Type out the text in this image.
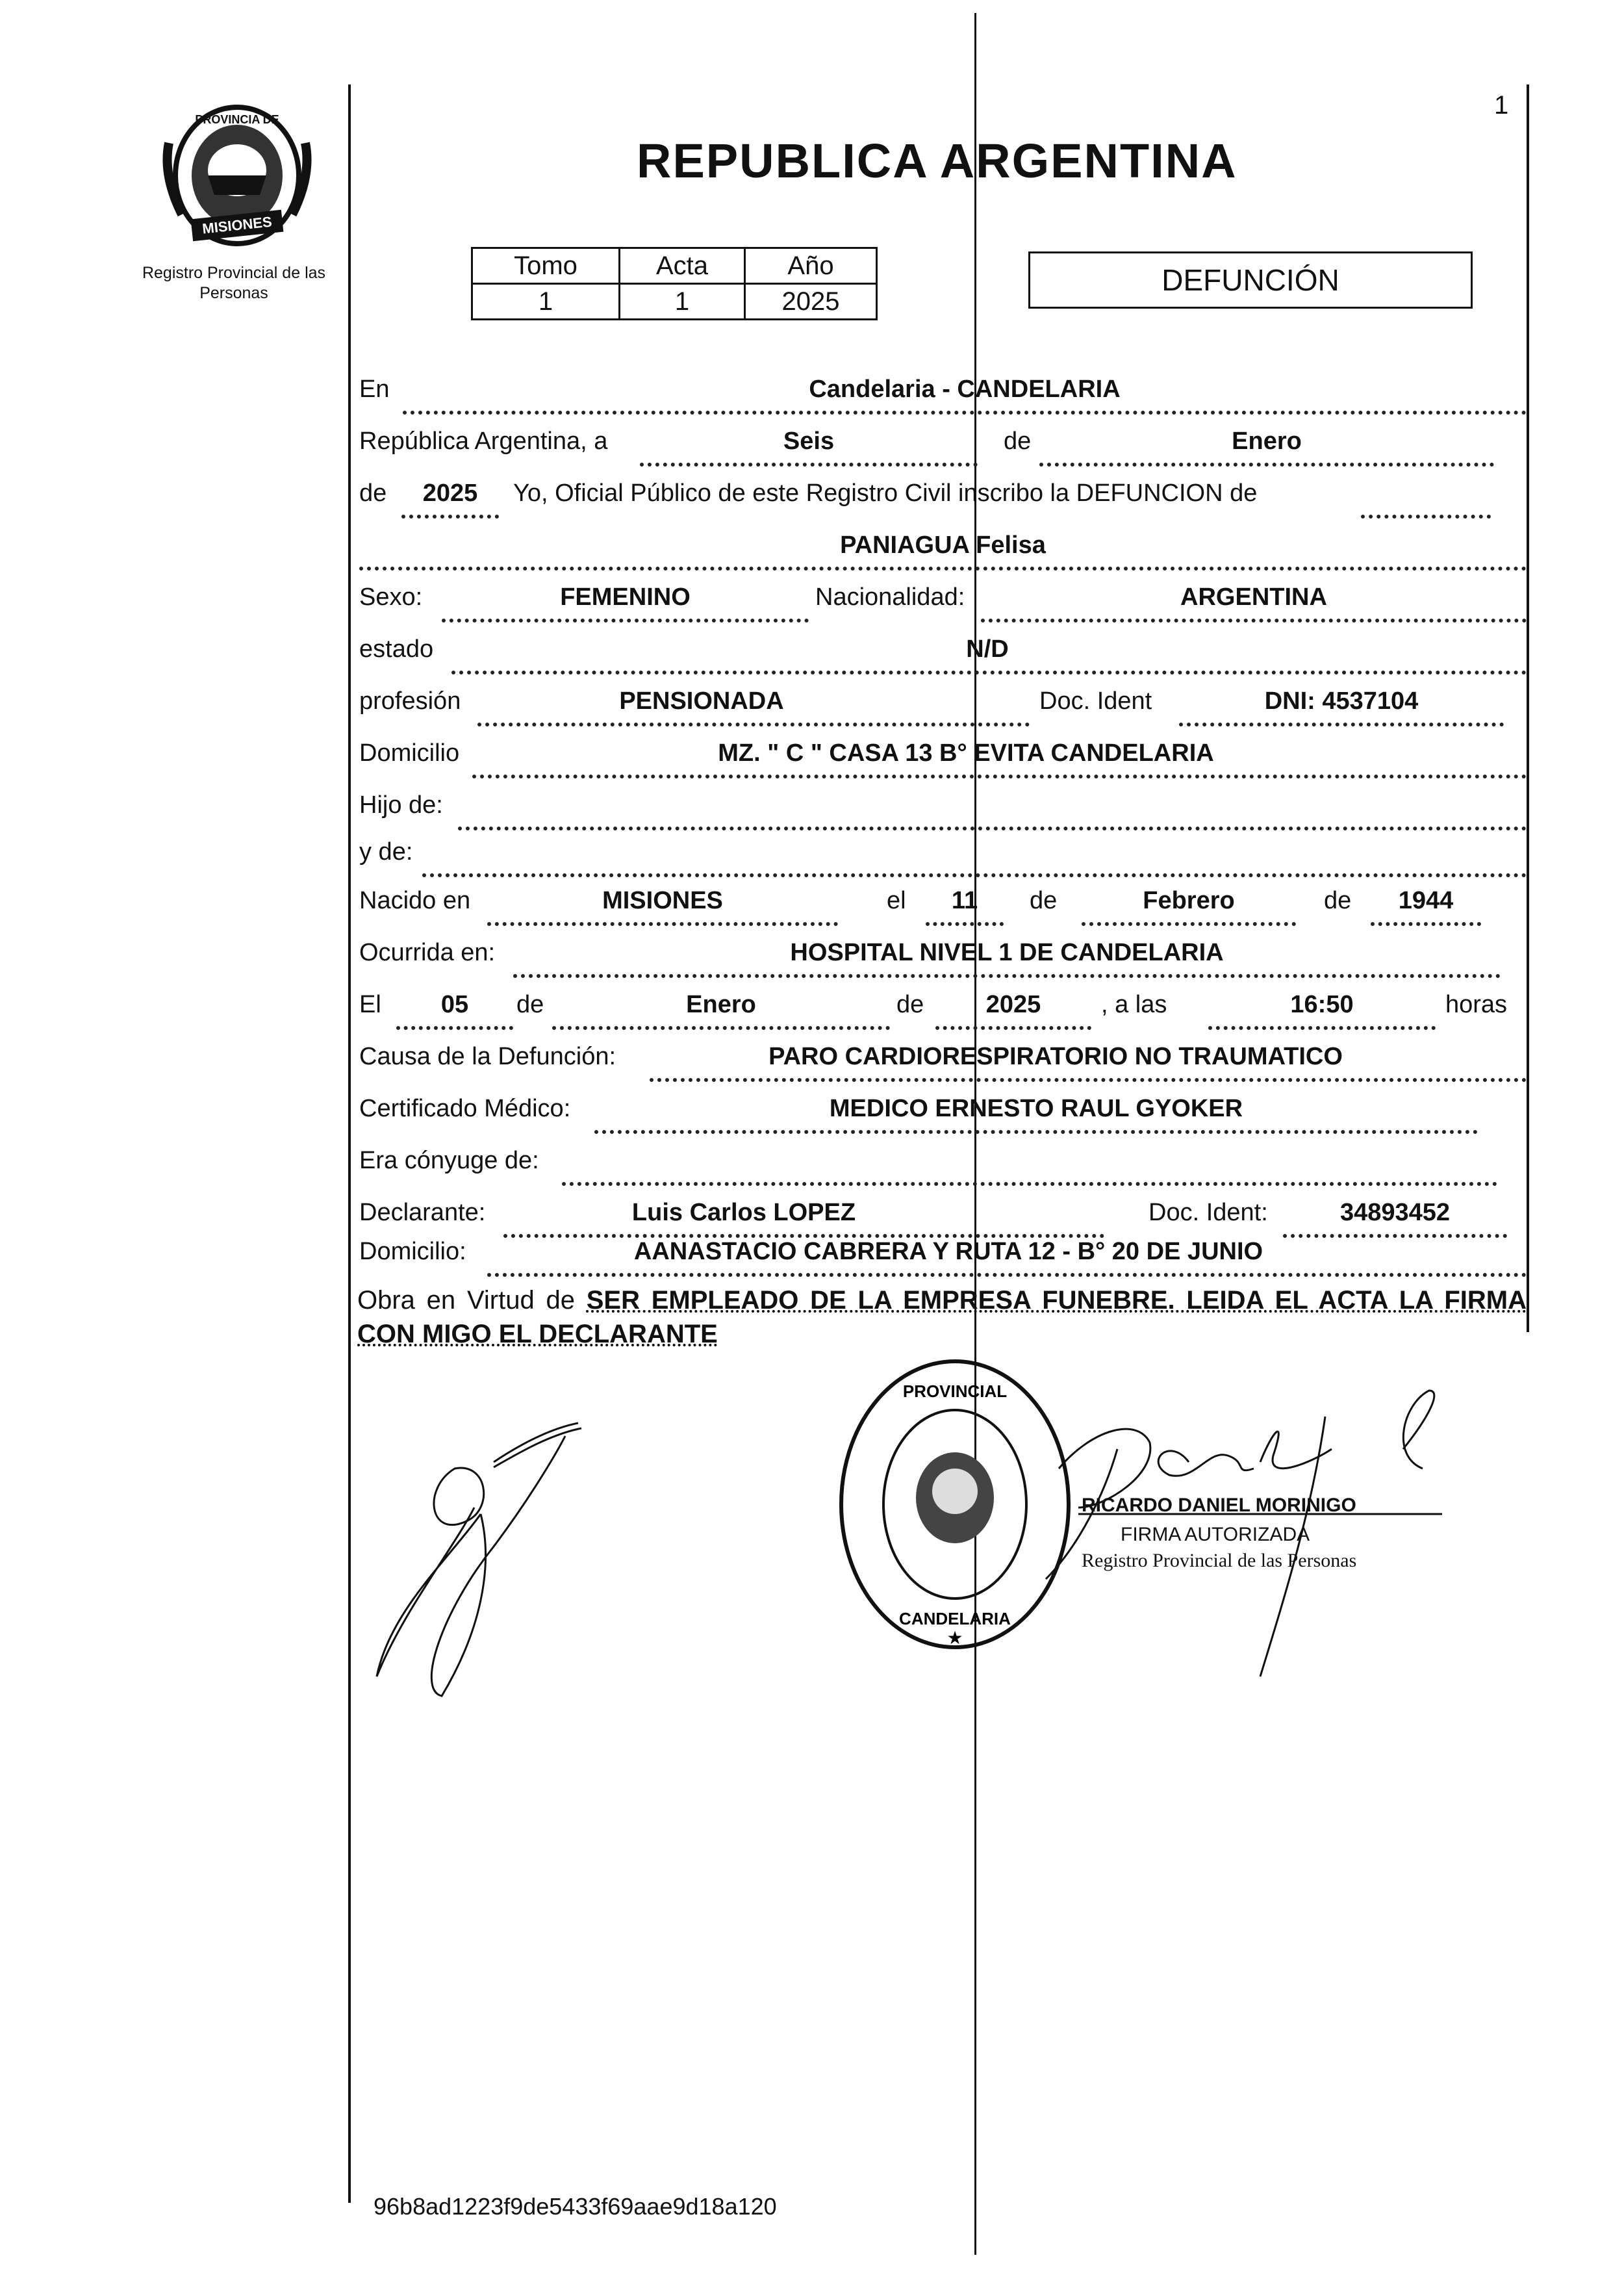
1
MISIONES
PROVINCIA DE
Registro Provincial de las Personas
REPUBLICA ARGENTINA
Tomo	Acta	Año
1	1	2025
DEFUNCIÓN
En	Candelaria - CANDELARIA
República Argentina, a	Seis	de	Enero
de	2025	Yo, Oficial Público de este Registro Civil inscribo la DEFUNCION de
PANIAGUA Felisa
Sexo:	FEMENINO	Nacionalidad:	ARGENTINA
estado	N/D
profesión	PENSIONADA	Doc. Ident	DNI: 4537104
Domicilio	MZ. " C " CASA 13 B° EVITA CANDELARIA
Hijo de:
y de:
Nacido en	MISIONES	el	11	de	Febrero	de	1944
Ocurrida en:	HOSPITAL NIVEL 1 DE CANDELARIA
El	05	de	Enero	de	2025	, a las	16:50	horas
Causa de la Defunción:	PARO CARDIORESPIRATORIO NO TRAUMATICO
Certificado Médico:	MEDICO ERNESTO RAUL GYOKER
Era cónyuge de:
Declarante:	Luis Carlos LOPEZ	Doc. Ident:	34893452
Domicilio:	AANASTACIO CABRERA Y RUTA 12 - B° 20 DE JUNIO
Obra en Virtud de SER EMPLEADO DE LA EMPRESA FUNEBRE. LEIDA EL ACTA LA FIRMA CON MIGO EL DECLARANTE
PROVINCIAL
CANDELARIA
★
RICARDO DANIEL MORINIGO
FIRMA AUTORIZADA
Registro Provincial de las Personas
96b8ad1223f9de5433f69aae9d18a120
